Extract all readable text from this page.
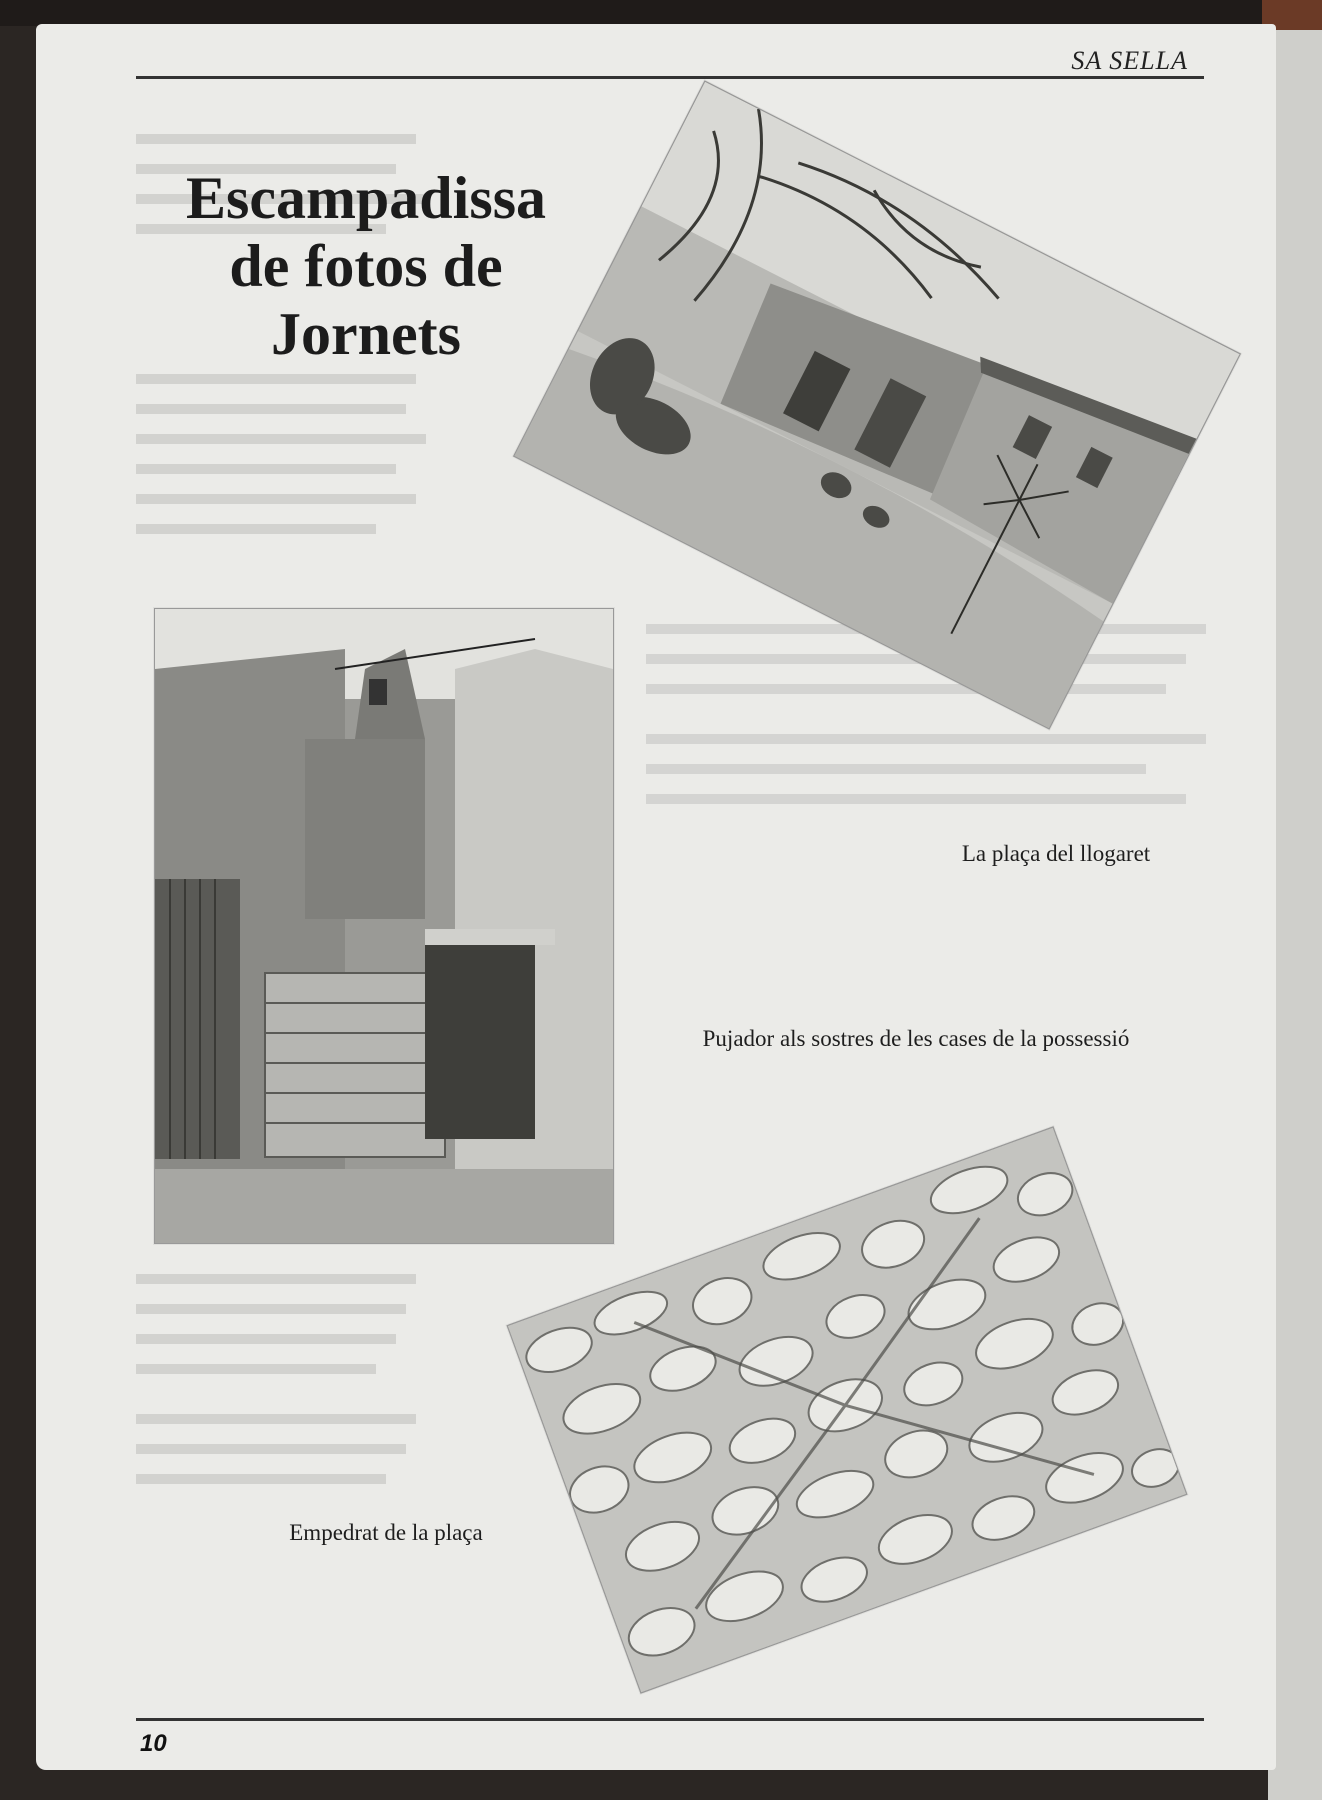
SA SELLA
Escampadissa
de fotos de
Jornets
La plaça del llogaret
Pujador als sostres de les cases de la possessió
Empedrat de la plaça
10
